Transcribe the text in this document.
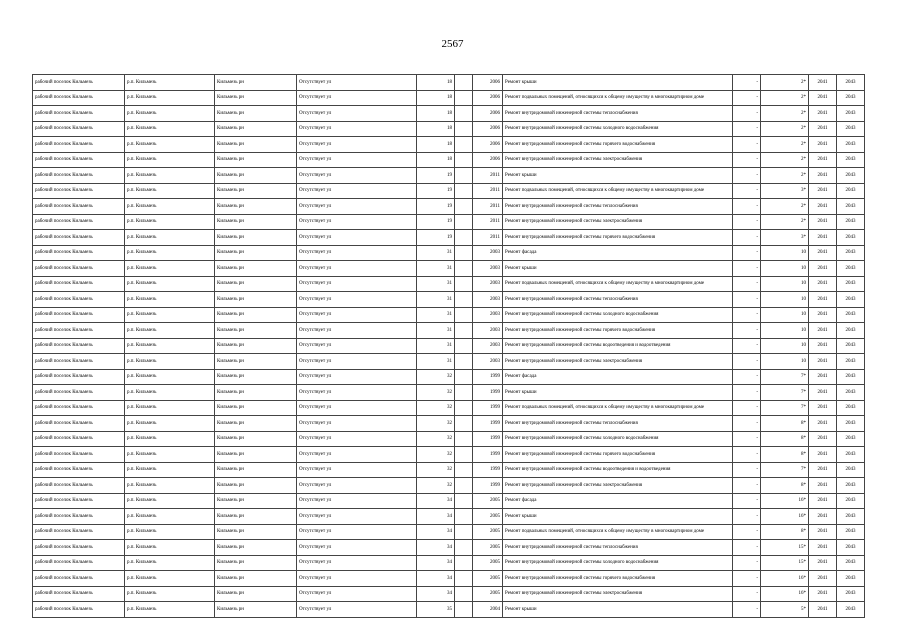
2567
рабочий поселок Кильмезь	р.п. Кильмезь	Кильмезь рн	Отсутствует ул	18		2006	Ремонт крыши	-	2*	2041	2043
рабочий поселок Кильмезь	р.п. Кильмезь	Кильмезь рн	Отсутствует ул	18		2006	Ремонт подвальных помещений, относящихся к общему имуществу в многоквартирном доме	-	2*	2041	2043
рабочий поселок Кильмезь	р.п. Кильмезь	Кильмезь рн	Отсутствует ул	18		2006	Ремонт внутридомовой инженерной системы теплоснабжения	-	2*	2041	2043
рабочий поселок Кильмезь	р.п. Кильмезь	Кильмезь рн	Отсутствует ул	18		2006	Ремонт внутридомовой инженерной системы холодного водоснабжения	-	2*	2041	2043
рабочий поселок Кильмезь	р.п. Кильмезь	Кильмезь рн	Отсутствует ул	18		2006	Ремонт внутридомовой инженерной системы горячего водоснабжения	-	2*	2041	2043
рабочий поселок Кильмезь	р.п. Кильмезь	Кильмезь рн	Отсутствует ул	18		2006	Ремонт внутридомовой инженерной системы электроснабжения	-	2*	2041	2043
рабочий поселок Кильмезь	р.п. Кильмезь	Кильмезь рн	Отсутствует ул	19		2011	Ремонт крыши	-	2*	2041	2043
рабочий поселок Кильмезь	р.п. Кильмезь	Кильмезь рн	Отсутствует ул	19		2011	Ремонт подвальных помещений, относящихся к общему имуществу в многоквартирном доме	-	3*	2041	2043
рабочий поселок Кильмезь	р.п. Кильмезь	Кильмезь рн	Отсутствует ул	19		2011	Ремонт внутридомовой инженерной системы теплоснабжения	-	2*	2041	2043
рабочий поселок Кильмезь	р.п. Кильмезь	Кильмезь рн	Отсутствует ул	19		2011	Ремонт внутридомовой инженерной системы электроснабжения	-	2*	2041	2043
рабочий поселок Кильмезь	р.п. Кильмезь	Кильмезь рн	Отсутствует ул	19		2011	Ремонт внутридомовой инженерной системы горячего водоснабжения	-	3*	2041	2043
рабочий поселок Кильмезь	р.п. Кильмезь	Кильмезь рн	Отсутствует ул	31		2003	Ремонт фасада	-	10	2041	2043
рабочий поселок Кильмезь	р.п. Кильмезь	Кильмезь рн	Отсутствует ул	31		2003	Ремонт крыши	-	10	2041	2043
рабочий поселок Кильмезь	р.п. Кильмезь	Кильмезь рн	Отсутствует ул	31		2003	Ремонт подвальных помещений, относящихся к общему имуществу в многоквартирном доме	-	10	2041	2043
рабочий поселок Кильмезь	р.п. Кильмезь	Кильмезь рн	Отсутствует ул	31		2003	Ремонт внутридомовой инженерной системы теплоснабжения	-	10	2041	2043
рабочий поселок Кильмезь	р.п. Кильмезь	Кильмезь рн	Отсутствует ул	31		2003	Ремонт внутридомовой инженерной системы холодного водоснабжения	-	10	2041	2043
рабочий поселок Кильмезь	р.п. Кильмезь	Кильмезь рн	Отсутствует ул	31		2003	Ремонт внутридомовой инженерной системы горячего водоснабжения	-	10	2041	2043
рабочий поселок Кильмезь	р.п. Кильмезь	Кильмезь рн	Отсутствует ул	31		2003	Ремонт внутридомовой инженерной системы водоотведения и водоотведения	-	10	2041	2043
рабочий поселок Кильмезь	р.п. Кильмезь	Кильмезь рн	Отсутствует ул	31		2003	Ремонт внутридомовой инженерной системы электроснабжения	-	10	2041	2043
рабочий поселок Кильмезь	р.п. Кильмезь	Кильмезь рн	Отсутствует ул	32		1999	Ремонт фасада	-	7*	2041	2043
рабочий поселок Кильмезь	р.п. Кильмезь	Кильмезь рн	Отсутствует ул	32		1999	Ремонт крыши	-	7*	2041	2043
рабочий поселок Кильмезь	р.п. Кильмезь	Кильмезь рн	Отсутствует ул	32		1999	Ремонт подвальных помещений, относящихся к общему имуществу в многоквартирном доме	-	7*	2041	2043
рабочий поселок Кильмезь	р.п. Кильмезь	Кильмезь рн	Отсутствует ул	32		1999	Ремонт внутридомовой инженерной системы теплоснабжения	-	8*	2041	2043
рабочий поселок Кильмезь	р.п. Кильмезь	Кильмезь рн	Отсутствует ул	32		1999	Ремонт внутридомовой инженерной системы холодного водоснабжения	-	8*	2041	2043
рабочий поселок Кильмезь	р.п. Кильмезь	Кильмезь рн	Отсутствует ул	32		1999	Ремонт внутридомовой инженерной системы горячего водоснабжения	-	8*	2041	2043
рабочий поселок Кильмезь	р.п. Кильмезь	Кильмезь рн	Отсутствует ул	32		1999	Ремонт внутридомовой инженерной системы водоотведения и водоотведения	-	7*	2041	2043
рабочий поселок Кильмезь	р.п. Кильмезь	Кильмезь рн	Отсутствует ул	32		1999	Ремонт внутридомовой инженерной системы электроснабжения	-	8*	2041	2043
рабочий поселок Кильмезь	р.п. Кильмезь	Кильмезь рн	Отсутствует ул	34		2005	Ремонт фасада	-	16*	2041	2043
рабочий поселок Кильмезь	р.п. Кильмезь	Кильмезь рн	Отсутствует ул	34		2005	Ремонт крыши	-	16*	2041	2043
рабочий поселок Кильмезь	р.п. Кильмезь	Кильмезь рн	Отсутствует ул	34		2005	Ремонт подвальных помещений, относящихся к общему имуществу в многоквартирном доме	-	8*	2041	2043
рабочий поселок Кильмезь	р.п. Кильмезь	Кильмезь рн	Отсутствует ул	34		2005	Ремонт внутридомовой инженерной системы теплоснабжения	-	15*	2041	2043
рабочий поселок Кильмезь	р.п. Кильмезь	Кильмезь рн	Отсутствует ул	34		2005	Ремонт внутридомовой инженерной системы холодного водоснабжения	-	15*	2041	2043
рабочий поселок Кильмезь	р.п. Кильмезь	Кильмезь рн	Отсутствует ул	34		2005	Ремонт внутридомовой инженерной системы горячего водоснабжения	-	16*	2041	2043
рабочий поселок Кильмезь	р.п. Кильмезь	Кильмезь рн	Отсутствует ул	34		2005	Ремонт внутридомовой инженерной системы электроснабжения	-	16*	2041	2043
рабочий поселок Кильмезь	р.п. Кильмезь	Кильмезь рн	Отсутствует ул	35		2004	Ремонт крыши	-	5*	2041	2043
